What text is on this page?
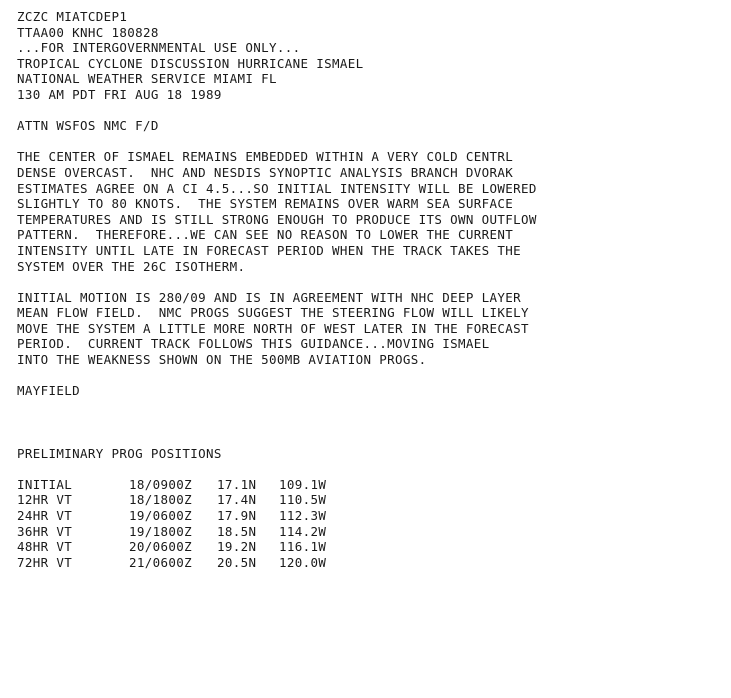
ZCZC MIATCDEP1
TTAA00 KNHC 180828
...FOR INTERGOVERNMENTAL USE ONLY...
TROPICAL CYCLONE DISCUSSION HURRICANE ISMAEL
NATIONAL WEATHER SERVICE MIAMI FL
130 AM PDT FRI AUG 18 1989
ATTN WSFOS NMC F/D
THE CENTER OF ISMAEL REMAINS EMBEDDED WITHIN A VERY COLD CENTRL
DENSE OVERCAST.  NHC AND NESDIS SYNOPTIC ANALYSIS BRANCH DVORAK
ESTIMATES AGREE ON A CI 4.5...SO INITIAL INTENSITY WILL BE LOWERED
SLIGHTLY TO 80 KNOTS.  THE SYSTEM REMAINS OVER WARM SEA SURFACE
TEMPERATURES AND IS STILL STRONG ENOUGH TO PRODUCE ITS OWN OUTFLOW
PATTERN.  THEREFORE...WE CAN SEE NO REASON TO LOWER THE CURRENT
INTENSITY UNTIL LATE IN FORECAST PERIOD WHEN THE TRACK TAKES THE
SYSTEM OVER THE 26C ISOTHERM.
INITIAL MOTION IS 280/09 AND IS IN AGREEMENT WITH NHC DEEP LAYER
MEAN FLOW FIELD.  NMC PROGS SUGGEST THE STEERING FLOW WILL LIKELY
MOVE THE SYSTEM A LITTLE MORE NORTH OF WEST LATER IN THE FORECAST
PERIOD.  CURRENT TRACK FOLLOWS THIS GUIDANCE...MOVING ISMAEL
INTO THE WEAKNESS SHOWN ON THE 500MB AVIATION PROGS.
MAYFIELD
PRELIMINARY PROG POSITIONS
INITIAL	18/0900Z	17.1N	109.1W
12HR VT	18/1800Z	17.4N	110.5W
24HR VT	19/0600Z	17.9N	112.3W
36HR VT	19/1800Z	18.5N	114.2W
48HR VT	20/0600Z	19.2N	116.1W
72HR VT	21/0600Z	20.5N	120.0W
